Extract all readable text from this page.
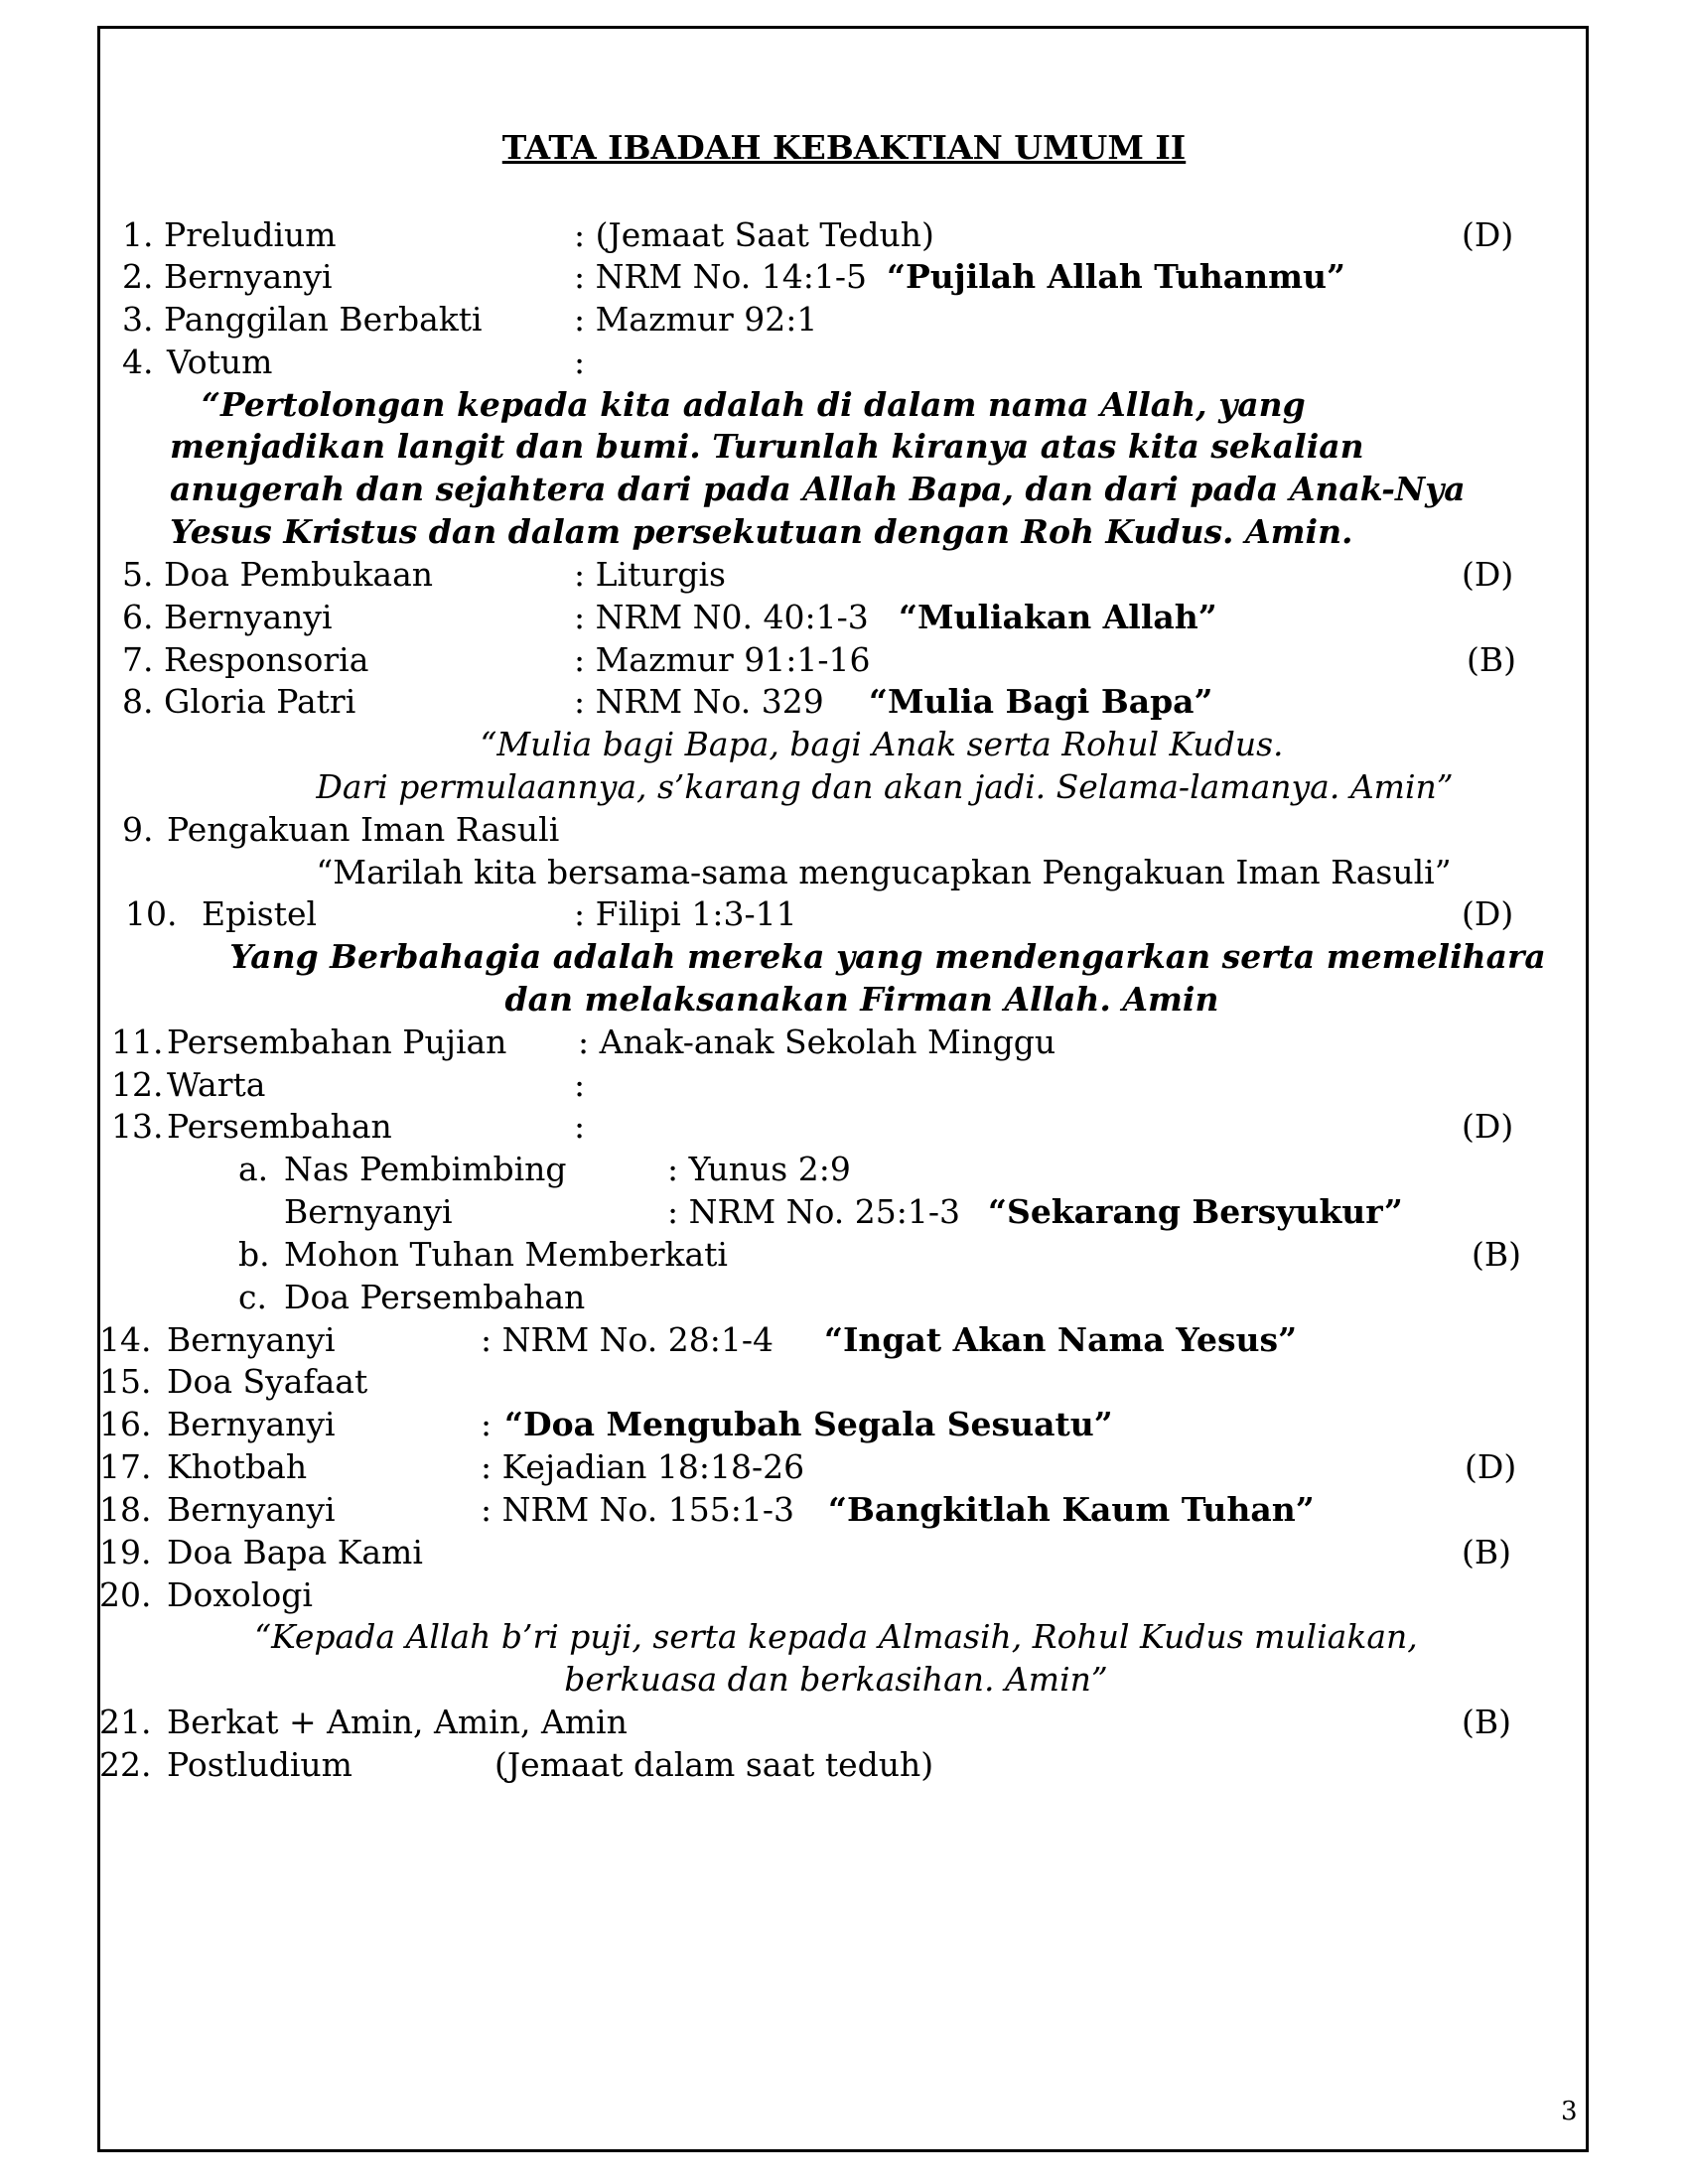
TATA IBADAH KEBAKTIAN UMUM II
1. Preludium	: (Jemaat Saat Teduh)	(D)
2. Bernyanyi	: NRM No. 14:1-5 “Pujilah Allah Tuhanmu”
3. Panggilan Berbakti	: Mazmur 92:1
4. Votum	:
“Pertolongan kepada kita adalah di dalam nama Allah, yang
menjadikan langit dan bumi. Turunlah kiranya atas kita sekalian
anugerah dan sejahtera dari pada Allah Bapa, dan dari pada Anak-Nya
Yesus Kristus dan dalam persekutuan dengan Roh Kudus. Amin.
5. Doa Pembukaan	: Liturgis	(D)
6. Bernyanyi	: NRM N0. 40:1-3 “Muliakan Allah”
7. Responsoria	: Mazmur 91:1-16	(B)
8. Gloria Patri	: NRM No. 329 “Mulia Bagi Bapa”
“Mulia bagi Bapa, bagi Anak serta Rohul Kudus.
Dari permulaannya, s’karang dan akan jadi. Selama-lamanya. Amin”
9. Pengakuan Iman Rasuli
“Marilah kita bersama-sama mengucapkan Pengakuan Iman Rasuli”
10. Epistel	: Filipi 1:3-11	(D)
Yang Berbahagia adalah mereka yang mendengarkan serta memelihara
dan melaksanakan Firman Allah. Amin
11. Persembahan Pujian : Anak-anak Sekolah Minggu
12. Warta	:
13. Persembahan	:	(D)
a. Nas Pembimbing	: Yunus 2:9
Bernyanyi	: NRM No. 25:1-3 “Sekarang Bersyukur”
b. Mohon Tuhan Memberkati	(B)
c. Doa Persembahan
14. Bernyanyi	: NRM No. 28:1-4 “Ingat Akan Nama Yesus”
15. Doa Syafaat
16. Bernyanyi	: “Doa Mengubah Segala Sesuatu”
17. Khotbah	: Kejadian 18:18-26	(D)
18. Bernyanyi	: NRM No. 155:1-3 “Bangkitlah Kaum Tuhan”
19. Doa Bapa Kami	(B)
20. Doxologi
“Kepada Allah b’ri puji, serta kepada Almasih, Rohul Kudus muliakan,
berkuasa dan berkasihan. Amin”
21. Berkat + Amin, Amin, Amin	(B)
22. Postludium	(Jemaat dalam saat teduh)
3
